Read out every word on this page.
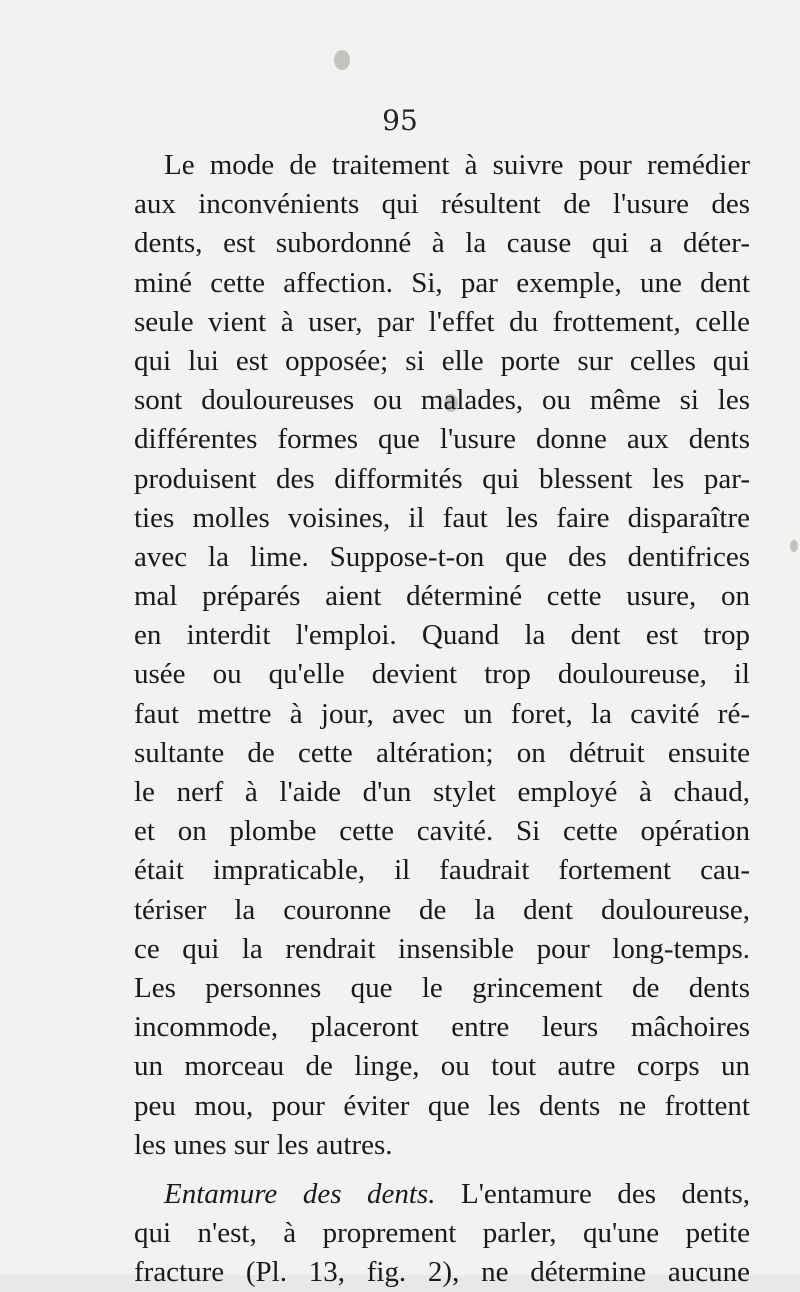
95
Le mode de traitement à suivre pour remédier
aux inconvénients qui résultent de l'usure des
dents, est subordonné à la cause qui a déter-
miné cette affection. Si, par exemple, une dent
seule vient à user, par l'effet du frottement, celle
qui lui est opposée; si elle porte sur celles qui
sont douloureuses ou malades, ou même si les
différentes formes que l'usure donne aux dents
produisent des difformités qui blessent les par-
ties molles voisines, il faut les faire disparaître
avec la lime. Suppose-t-on que des dentifrices
mal préparés aient déterminé cette usure, on
en interdit l'emploi. Quand la dent est trop
usée ou qu'elle devient trop douloureuse, il
faut mettre à jour, avec un foret, la cavité ré-
sultante de cette altération; on détruit ensuite
le nerf à l'aide d'un stylet employé à chaud,
et on plombe cette cavité. Si cette opération
était impraticable, il faudrait fortement cau-
tériser la couronne de la dent douloureuse,
ce qui la rendrait insensible pour long-temps.
Les personnes que le grincement de dents
incommode, placeront entre leurs mâchoires
un morceau de linge, ou tout autre corps un
peu mou, pour éviter que les dents ne frottent
les unes sur les autres.
Entamure des dents. L'entamure des dents,
qui n'est, à proprement parler, qu'une petite
fracture (Pl. 13, fig. 2), ne détermine aucune
